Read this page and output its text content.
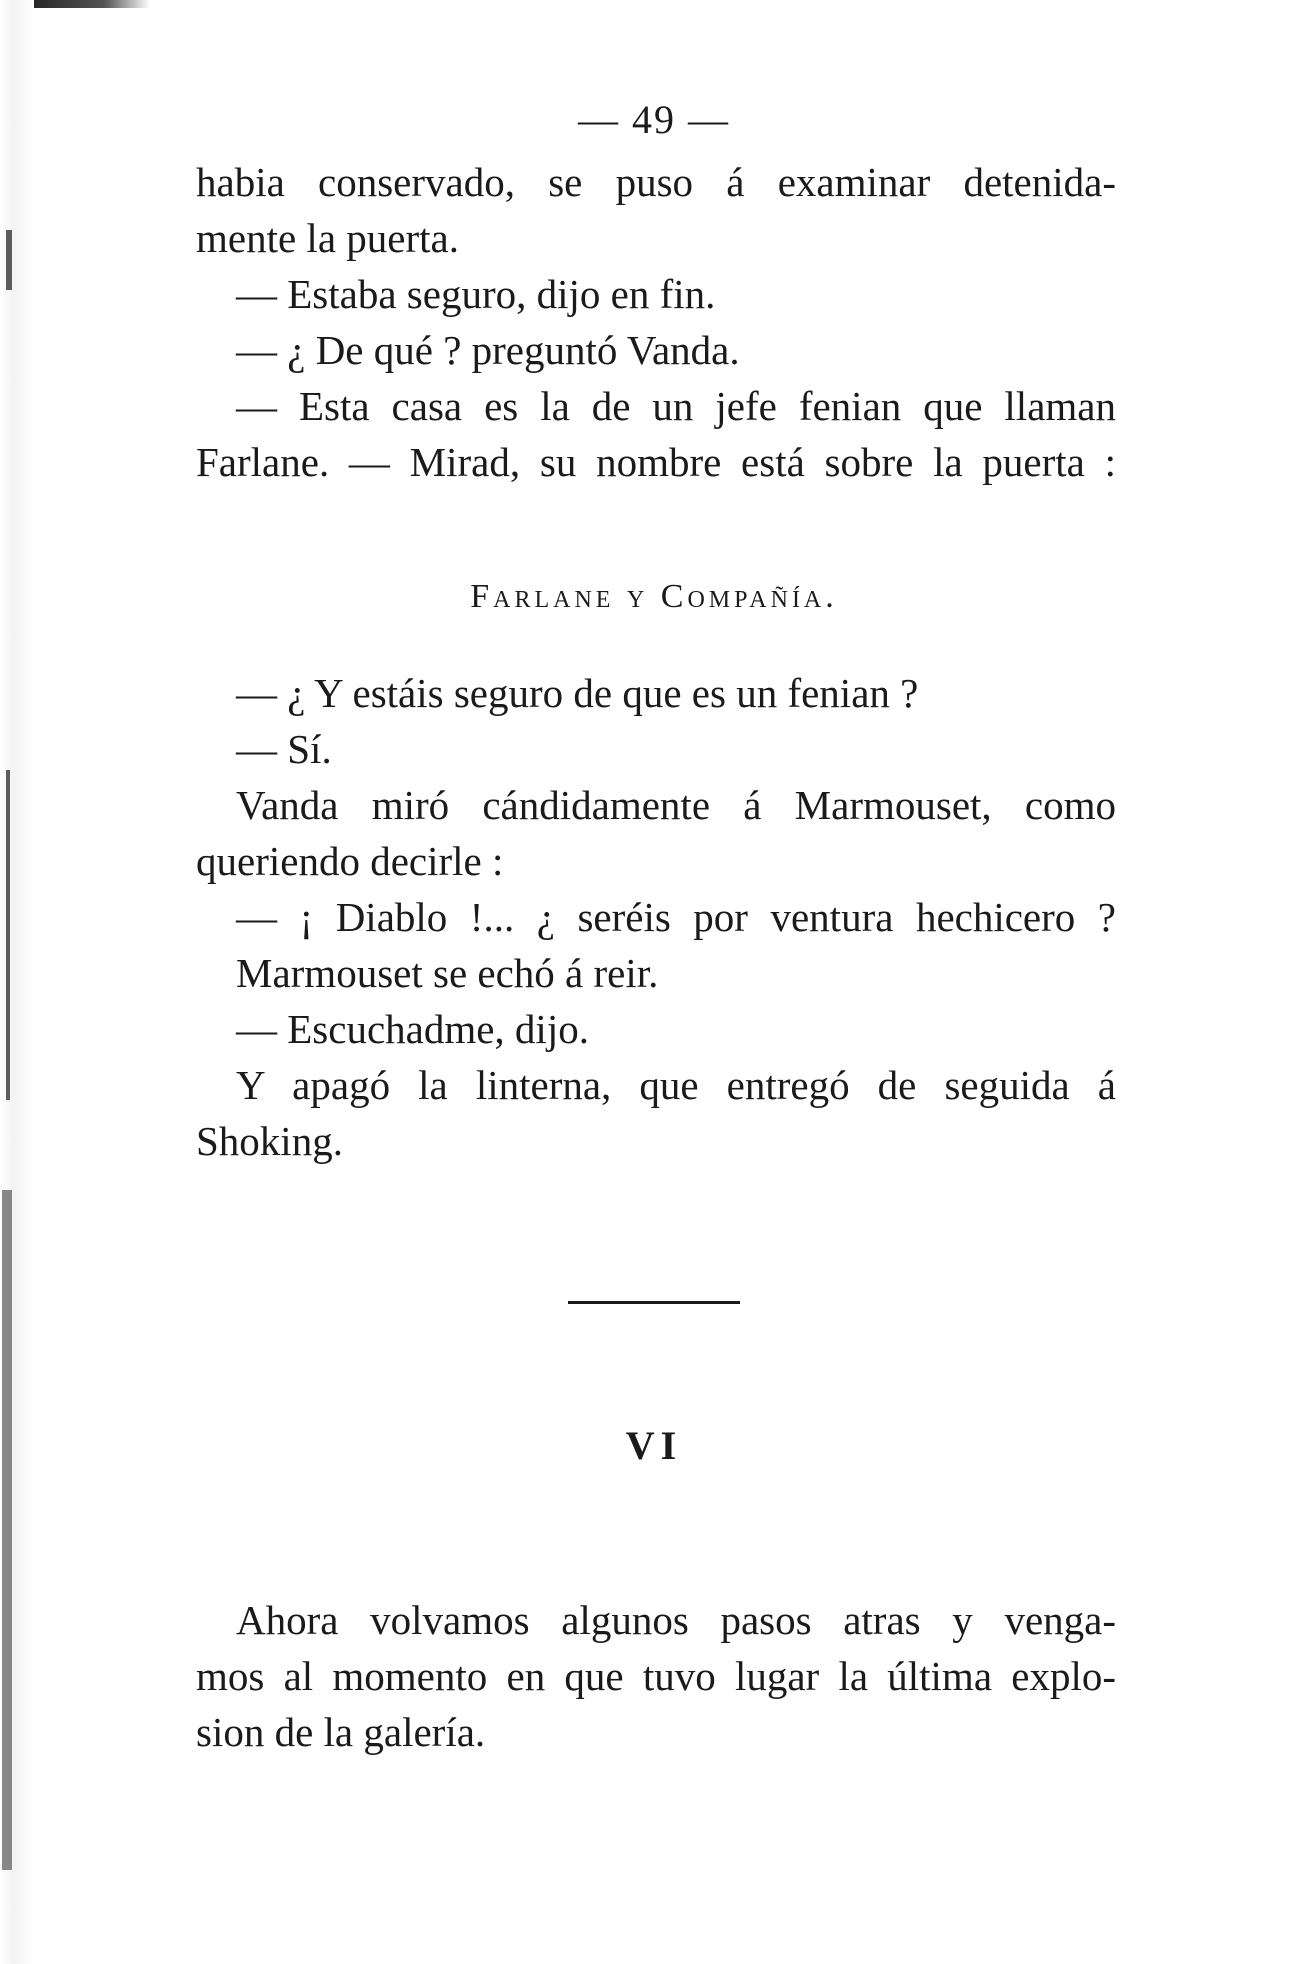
— 49 —
habia conservado, se puso á examinar detenida-
mente la puerta.
— Estaba seguro, dijo en fin.
— ¿ De qué ? preguntó Vanda.
— Esta casa es la de un jefe fenian que llaman
Farlane. — Mirad, su nombre está sobre la puerta :
Farlane y Compañía.
— ¿ Y estáis seguro de que es un fenian ?
— Sí.
Vanda miró cándidamente á Marmouset, como
queriendo decirle :
— ¡ Diablo !... ¿ seréis por ventura hechicero ?
Marmouset se echó á reir.
— Escuchadme, dijo.
Y apagó la linterna, que entregó de seguida á
Shoking.
VI
Ahora volvamos algunos pasos atras y venga-
mos al momento en que tuvo lugar la última explo-
sion de la galería.
